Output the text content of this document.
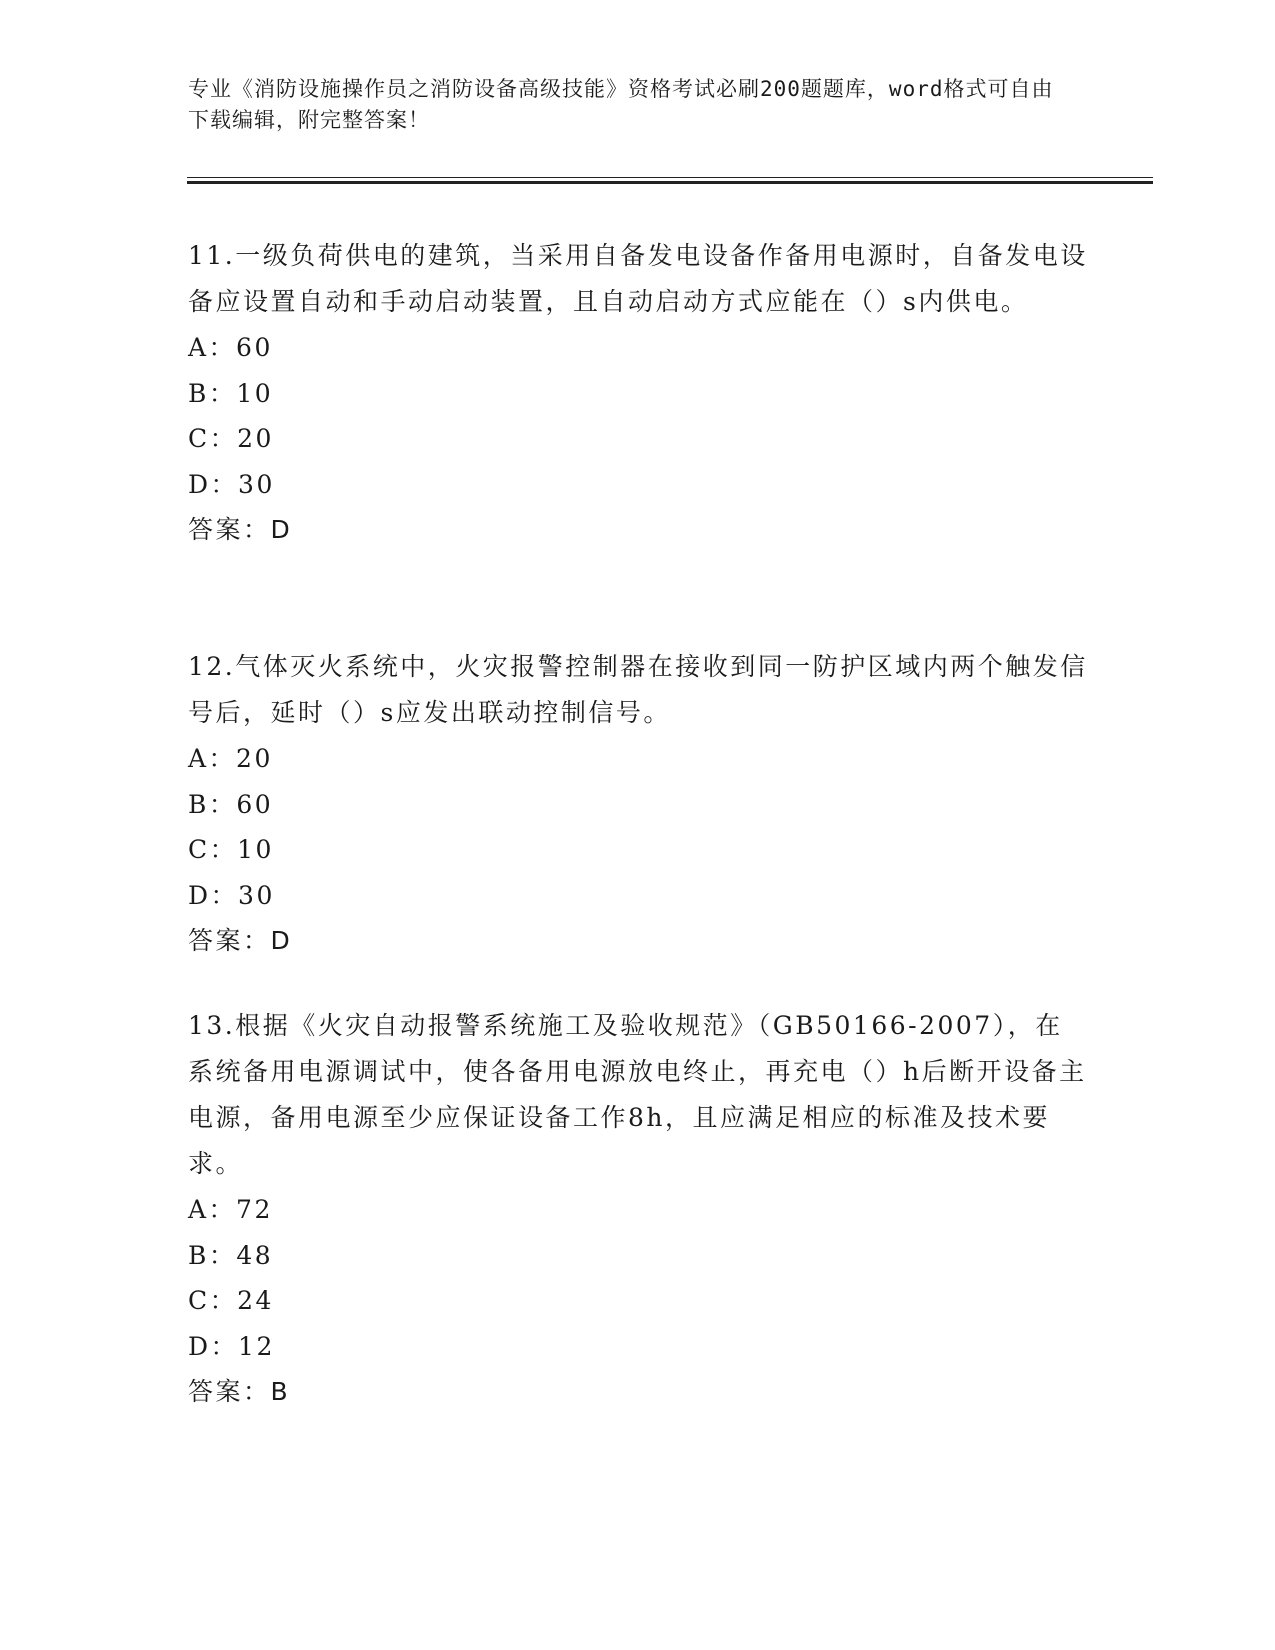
专业《消防设施操作员之消防设备高级技能》资格考试必刷200题题库，word格式可自由下载编辑，附完整答案！
11.一级负荷供电的建筑，当采用自备发电设备作备用电源时，自备发电设备应设置自动和手动启动装置，且自动启动方式应能在（）s内供电。
A：60
B：10
C：20
D：30
答案：D
12.气体灭火系统中，火灾报警控制器在接收到同一防护区域内两个触发信号后，延时（）s应发出联动控制信号。
A：20
B：60
C：10
D：30
答案：D
13.根据《火灾自动报警系统施工及验收规范》（GB50166-2007），在系统备用电源调试中，使各备用电源放电终止，再充电（）h后断开设备主电源，备用电源至少应保证设备工作8h，且应满足相应的标准及技术要求。
A：72
B：48
C：24
D：12
答案：B
